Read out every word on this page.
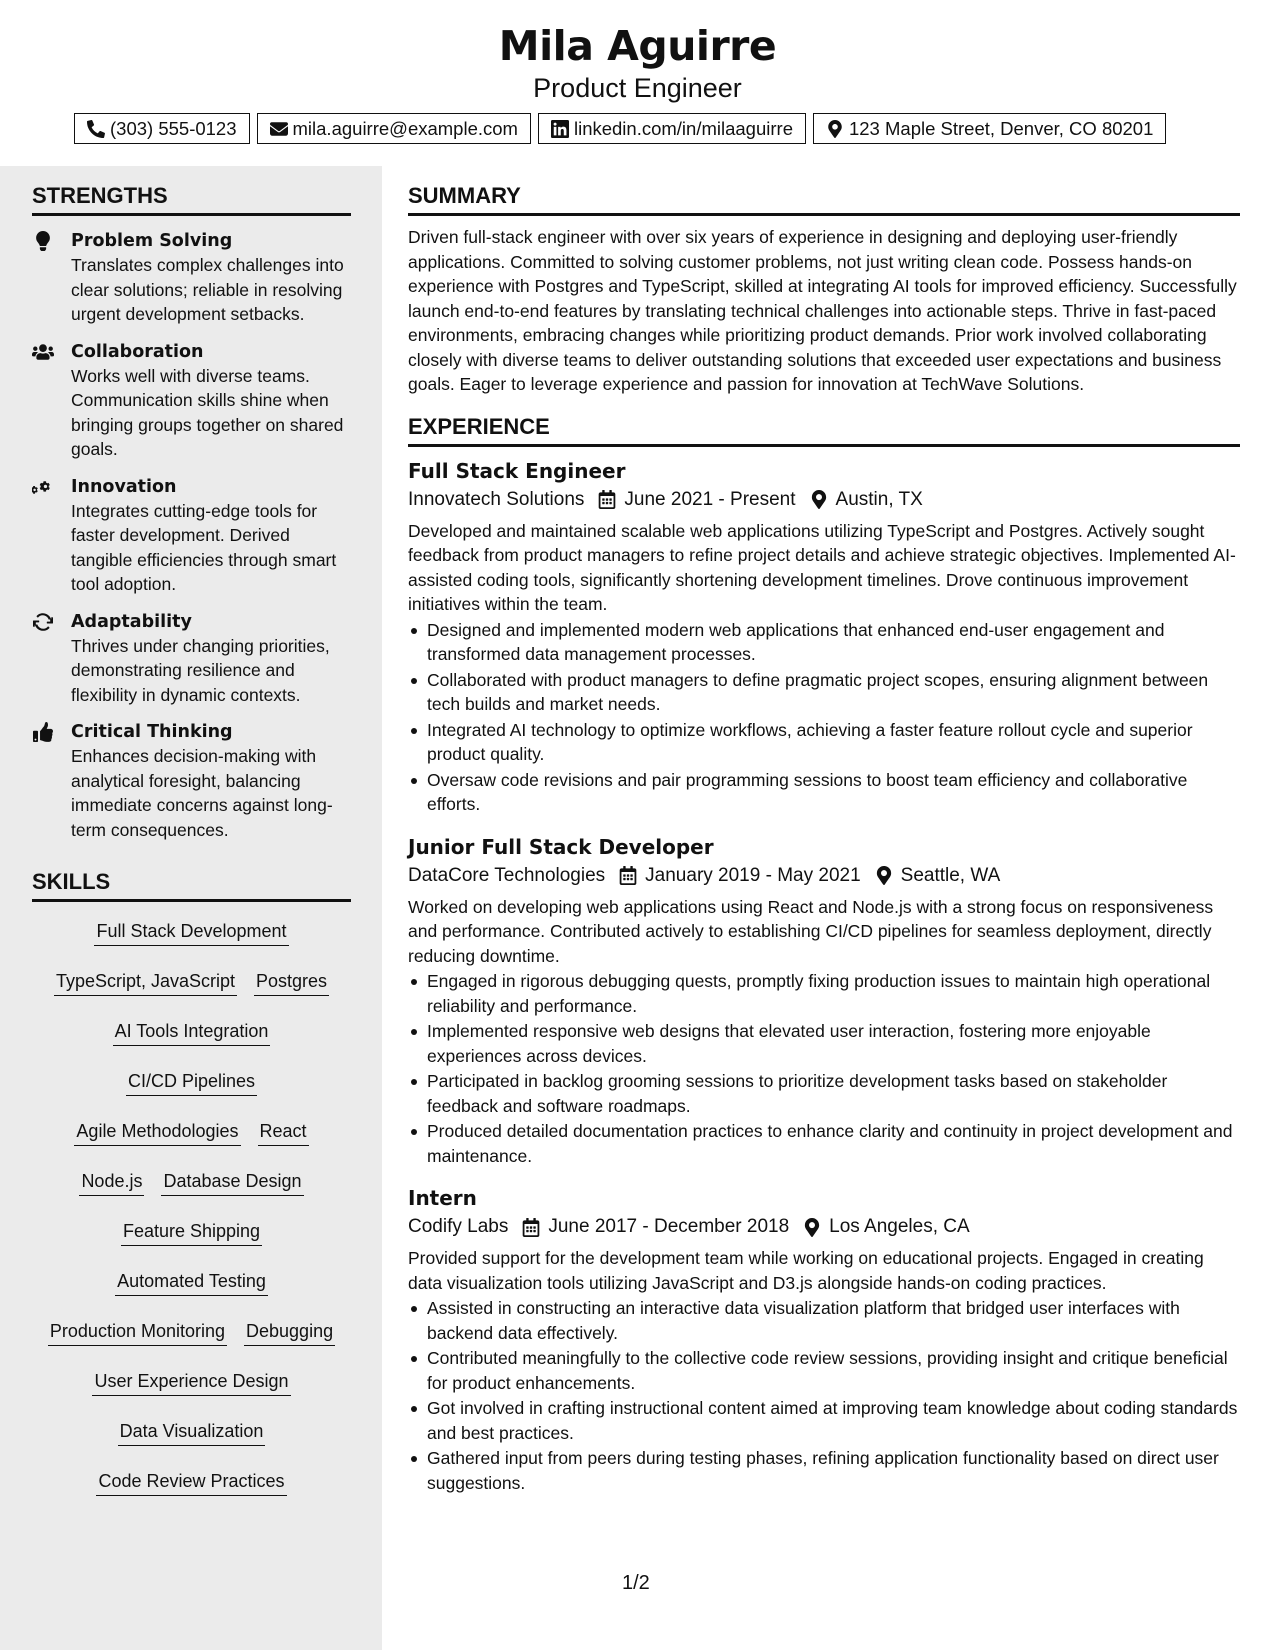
Mila Aguirre
Product Engineer
(303) 555-0123	mila.aguirre@example.com	linkedin.com/in/milaaguirre	123 Maple Street, Denver, CO 80201
STRENGTHS
Problem Solving
Translates complex challenges into clear solutions; reliable in resolving urgent development setbacks.
Collaboration
Works well with diverse teams. Communication skills shine when bringing groups together on shared goals.
Innovation
Integrates cutting-edge tools for faster development. Derived tangible efficiencies through smart tool adoption.
Adaptability
Thrives under changing priorities, demonstrating resilience and flexibility in dynamic contexts.
Critical Thinking
Enhances decision-making with analytical foresight, balancing immediate concerns against long-term consequences.
SKILLS
Full Stack Development
TypeScript, JavaScript Postgres
AI Tools Integration
CI/CD Pipelines
Agile Methodologies React
Node.js Database Design
Feature Shipping
Automated Testing
Production Monitoring Debugging
User Experience Design
Data Visualization
Code Review Practices
SUMMARY
Driven full-stack engineer with over six years of experience in designing and deploying user-friendly applications. Committed to solving customer problems, not just writing clean code. Possess hands-on experience with Postgres and TypeScript, skilled at integrating AI tools for improved efficiency. Successfully launch end-to-end features by translating technical challenges into actionable steps. Thrive in fast-paced environments, embracing changes while prioritizing product demands. Prior work involved collaborating closely with diverse teams to deliver outstanding solutions that exceeded user expectations and business goals. Eager to leverage experience and passion for innovation at TechWave Solutions.
EXPERIENCE
Full Stack Engineer
Innovatech Solutions June 2021 - Present Austin, TX
Developed and maintained scalable web applications utilizing TypeScript and Postgres. Actively sought feedback from product managers to refine project details and achieve strategic objectives. Implemented AI-assisted coding tools, significantly shortening development timelines. Drove continuous improvement initiatives within the team.
Designed and implemented modern web applications that enhanced end-user engagement and transformed data management processes.
Collaborated with product managers to define pragmatic project scopes, ensuring alignment between tech builds and market needs.
Integrated AI technology to optimize workflows, achieving a faster feature rollout cycle and superior product quality.
Oversaw code revisions and pair programming sessions to boost team efficiency and collaborative efforts.
Junior Full Stack Developer
DataCore Technologies January 2019 - May 2021 Seattle, WA
Worked on developing web applications using React and Node.js with a strong focus on responsiveness and performance. Contributed actively to establishing CI/CD pipelines for seamless deployment, directly reducing downtime.
Engaged in rigorous debugging quests, promptly fixing production issues to maintain high operational reliability and performance.
Implemented responsive web designs that elevated user interaction, fostering more enjoyable experiences across devices.
Participated in backlog grooming sessions to prioritize development tasks based on stakeholder feedback and software roadmaps.
Produced detailed documentation practices to enhance clarity and continuity in project development and maintenance.
Intern
Codify Labs June 2017 - December 2018 Los Angeles, CA
Provided support for the development team while working on educational projects. Engaged in creating data visualization tools utilizing JavaScript and D3.js alongside hands-on coding practices.
Assisted in constructing an interactive data visualization platform that bridged user interfaces with backend data effectively.
Contributed meaningfully to the collective code review sessions, providing insight and critique beneficial for product enhancements.
Got involved in crafting instructional content aimed at improving team knowledge about coding standards and best practices.
Gathered input from peers during testing phases, refining application functionality based on direct user suggestions.
1/2
